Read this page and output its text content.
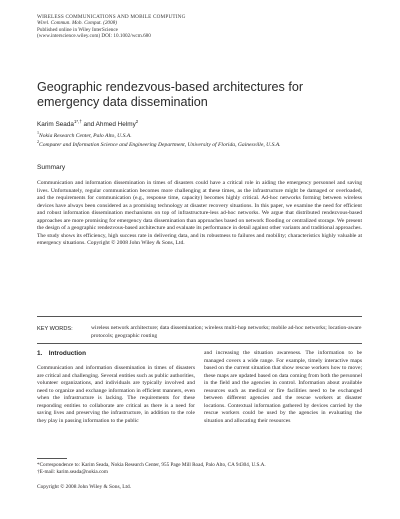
WIRELESS COMMUNICATIONS AND MOBILE COMPUTING
Wirel. Commun. Mob. Comput. (2008)
Published online in Wiley InterScience
(www.interscience.wiley.com) DOI: 10.1002/wcm.680
Geographic rendezvous-based architectures for
emergency data dissemination
Karim Seada$^{1*,\dagger}$ and Ahmed Helmy$^2$
$^1$Nokia Research Center, Palo Alto, U.S.A.
$^2$Computer and Information Science and Engineering Department, University of Florida, Gainesville, U.S.A.
Summary

Communication and information dissemination in times of disasters could have a critical role in aiding the emergency personnel and saving lives. Unfortunately, regular communication becomes more challenging at these times, as the infrastructure might be damaged or overloaded, and the requirements for communication (e.g., response time, capacity) becomes highly critical. Ad-hoc networks forming between wireless devices have always been considered as a promising technology at disaster recovery situations. In this paper, we examine the need for efficient and robust information dissemination mechanisms on top of infrastructure-less ad-hoc networks. We argue that distributed rendezvous-based approaches are more promising for emergency data dissemination than approaches based on network flooding or centralized storage. We present the design of a geographic rendezvous-based architecture and evaluate its performance in detail against other variants and traditional approaches. The study shows its efficiency, high success rate in delivering data, and its robustness to failures and mobility; characteristics highly valuable at emergency situations. Copyright © 2008 John Wiley & Sons, Ltd.

KEY WORDS:	wireless network architecture; data dissemination; wireless multi-hop networks; mobile ad-hoc networks; location-aware protocols; geographic routing
1. Introduction

Communication and information dissemination in times of disasters are critical and challenging. Several entities such as public authorities, volunteer organizations, and individuals are typically involved and need to organize and exchange information in efficient manners, even when the infrastructure is lacking. The requirements for these responding entities to collaborate are critical as there is a need for saving lives and preserving the infrastructure, in addition to the role they play in passing information to the public

and increasing the situation awareness. The information to be managed covers a wide range. For example, timely interactive maps based on the current situation that show rescue workers how to move; these maps are updated based on data coming from both the personnel in the field and the agencies in control. Information about available resources such as medical or fire facilities need to be exchanged between different agencies and the rescue workers at disaster locations. Contextual information gathered by devices carried by the rescue workers could be used by the agencies in evaluating the situation and allocating their resources

*Correspondence to: Karim Seada, Nokia Research Center, 955 Page Mill Road, Palo Alto, CA 94304, U.S.A.
†E-mail: karim.seada@nokia.com
Copyright © 2008 John Wiley & Sons, Ltd.
